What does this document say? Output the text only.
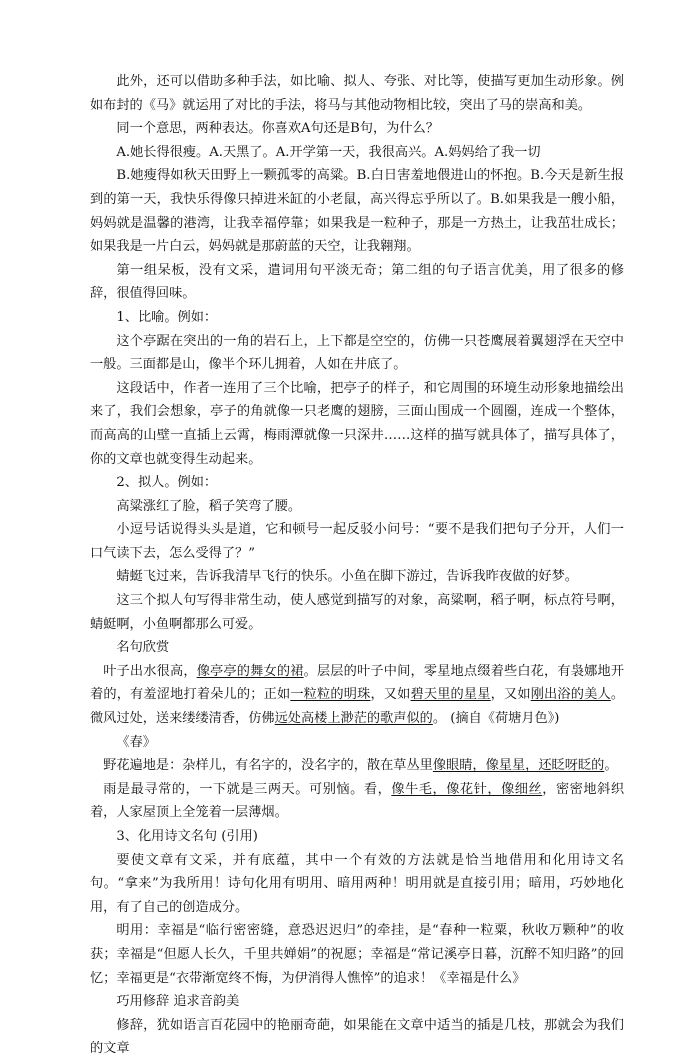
此外，还可以借助多种手法，如比喻、拟人、夸张、对比等，使描写更加生动形象。例如布封的《马》就运用了对比的手法，将马与其他动物相比较，突出了马的崇高和美。

同一个意思，两种表达。你喜欢A句还是B句，为什么？

A.她长得很瘦。A.天黑了。A.开学第一天，我很高兴。A.妈妈给了我一切

B.她瘦得如秋天田野上一颗孤零的高粱。B.白日害羞地偎进山的怀抱。B.今天是新生报到的第一天，我快乐得像只掉进米缸的小老鼠，高兴得忘乎所以了。B.如果我是一艘小船，妈妈就是温馨的港湾，让我幸福停靠；如果我是一粒种子，那是一方热土，让我茁壮成长；如果我是一片白云，妈妈就是那蔚蓝的天空，让我翱翔。

第一组呆板，没有文采，遣词用句平淡无奇；第二组的句子语言优美，用了很多的修辞，很值得回味。

1、比喻。例如：

这个亭踞在突出的一角的岩石上，上下都是空空的，仿佛一只苍鹰展着翼翅浮在天空中一般。三面都是山，像半个环儿拥着，人如在井底了。

这段话中，作者一连用了三个比喻，把亭子的样子，和它周围的环境生动形象地描绘出来了，我们会想象，亭子的角就像一只老鹰的翅膀，三面山围成一个圆圈，连成一个整体，而高高的山壁一直插上云霄，梅雨潭就像一只深井……这样的描写就具体了，描写具体了，你的文章也就变得生动起来。

2、拟人。例如：

高粱涨红了脸，稻子笑弯了腰。

小逗号话说得头头是道，它和顿号一起反驳小问号：“要不是我们把句子分开，人们一口气读下去，怎么受得了？”

蜻蜓飞过来，告诉我清早飞行的快乐。小鱼在脚下游过，告诉我昨夜做的好梦。

这三个拟人句写得非常生动，使人感觉到描写的对象，高粱啊，稻子啊，标点符号啊，蜻蜓啊，小鱼啊都那么可爱。

名句欣赏

叶子出水很高，像亭亭的舞女的裙。层层的叶子中间，零星地点缀着些白花，有袅娜地开着的，有羞涩地打着朵儿的；正如一粒粒的明珠，又如碧天里的星星，又如刚出浴的美人。微风过处，送来缕缕清香，仿佛远处高楼上渺茫的歌声似的。 (摘自《荷塘月色》)

《春》

野花遍地是：杂样儿，有名字的，没名字的，散在草丛里像眼睛，像星星，还眨呀眨的。

雨是最寻常的，一下就是三两天。可别恼。看，像牛毛，像花针，像细丝，密密地斜织着，人家屋顶上全笼着一层薄烟。

3、化用诗文名句 (引用)

要使文章有文采，并有底蕴，其中一个有效的方法就是恰当地借用和化用诗文名句。“拿来”为我所用！诗句化用有明用、暗用两种！明用就是直接引用；暗用，巧妙地化用，有了自己的创造成分。

明用：幸福是“临行密密缝，意恐迟迟归”的牵挂，是“春种一粒粟，秋收万颗种”的收获；幸福是“但愿人长久，千里共婵娟”的祝愿；幸福是“常记溪亭日暮，沉醉不知归路”的回忆；幸福更是“衣带渐宽终不悔，为伊消得人憔悴”的追求！《幸福是什么》

巧用修辞 追求音韵美

修辞，犹如语言百花园中的艳丽奇葩，如果能在文章中适当的插是几枝，那就会为我们的文章
